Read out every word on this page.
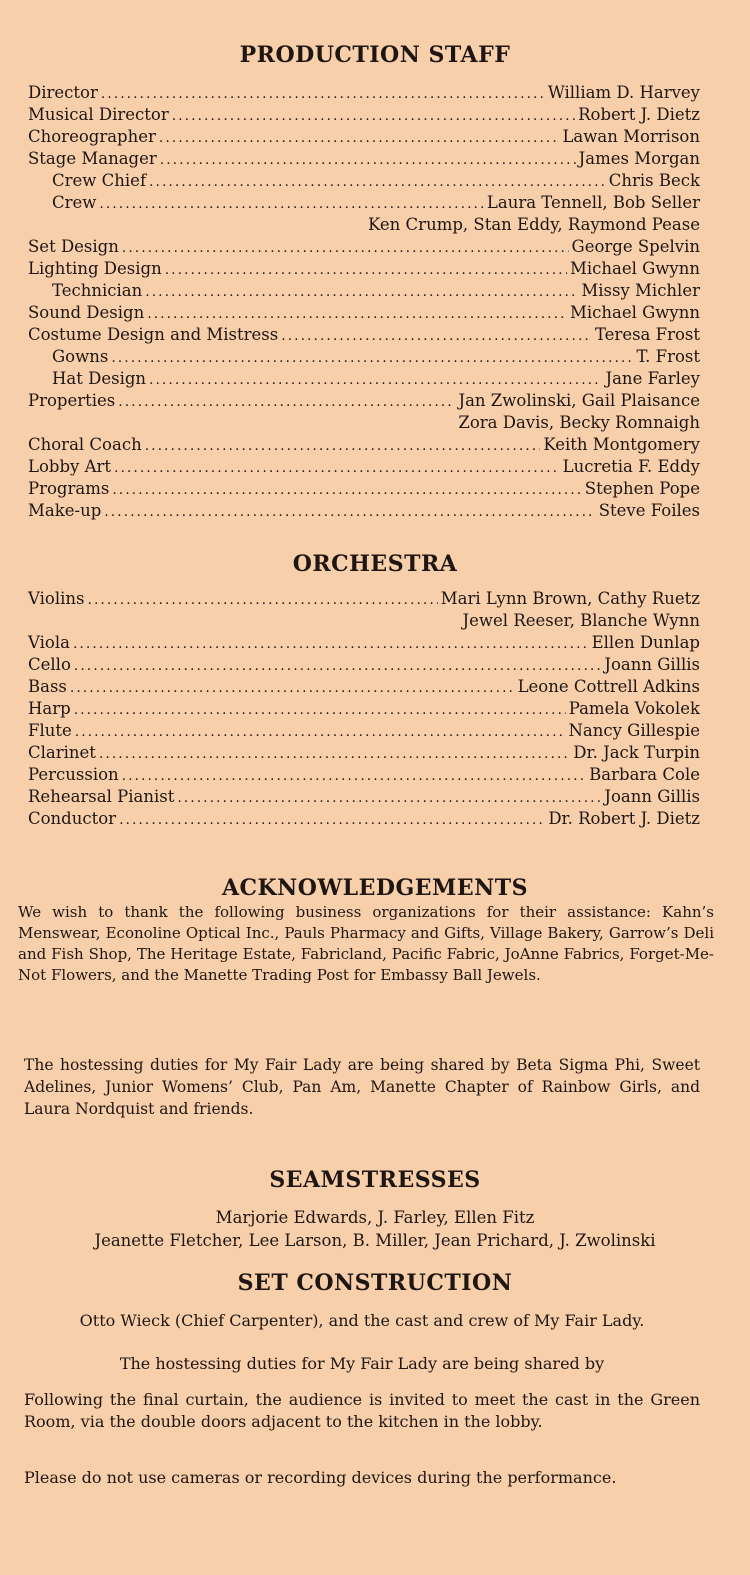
PRODUCTION STAFF
Director .....	William D. Harvey
Musical Director .....	Robert J. Dietz
Choreographer .....	Lawan Morrison
Stage Manager .....	James Morgan
Crew Chief .....	Chris Beck
Crew .....	Laura Tennell, Bob Seller
Ken Crump, Stan Eddy, Raymond Pease
Set Design .....	George Spelvin
Lighting Design .....	Michael Gwynn
Technician .....	Missy Michler
Sound Design .....	Michael Gwynn
Costume Design and Mistress .....	Teresa Frost
Gowns .....	T. Frost
Hat Design .....	Jane Farley
Properties .....	Jan Zwolinski, Gail Plaisance
Zora Davis, Becky Romnaigh
Choral Coach .....	Keith Montgomery
Lobby Art .....	Lucretia F. Eddy
Programs .....	Stephen Pope
Make-up .....	Steve Foiles
ORCHESTRA
Violins .....	Mari Lynn Brown, Cathy Ruetz
Jewel Reeser, Blanche Wynn
Viola .....	Ellen Dunlap
Cello .....	Joann Gillis
Bass .....	Leone Cottrell Adkins
Harp .....	Pamela Vokolek
Flute .....	Nancy Gillespie
Clarinet .....	Dr. Jack Turpin
Percussion .....	Barbara Cole
Rehearsal Pianist .....	Joann Gillis
Conductor .....	Dr. Robert J. Dietz
ACKNOWLEDGEMENTS

We wish to thank the following business organizations for their assistance: Kahn’s Menswear, Econoline Optical Inc., Pauls Pharmacy and Gifts, Village Bakery, Garrow’s Deli and Fish Shop, The Heritage Estate, Fabricland, Pacific Fabric, JoAnne Fabrics, Forget-Me-Not Flowers, and the Manette Trading Post for Embassy Ball Jewels.

The hostessing duties for My Fair Lady are being shared by Beta Sigma Phi, Sweet Adelines, Junior Womens’ Club, Pan Am, Manette Chapter of Rainbow Girls, and Laura Nordquist and friends.

SEAMSTRESSES
Marjorie Edwards, J. Farley, Ellen Fitz
Jeanette Fletcher, Lee Larson, B. Miller, Jean Prichard, J. Zwolinski
SET CONSTRUCTION

Otto Wieck (Chief Carpenter), and the cast and crew of My Fair Lady.

The hostessing duties for My Fair Lady are being shared by

Following the final curtain, the audience is invited to meet the cast in the Green Room, via the double doors adjacent to the kitchen in the lobby.

Please do not use cameras or recording devices during the performance.
